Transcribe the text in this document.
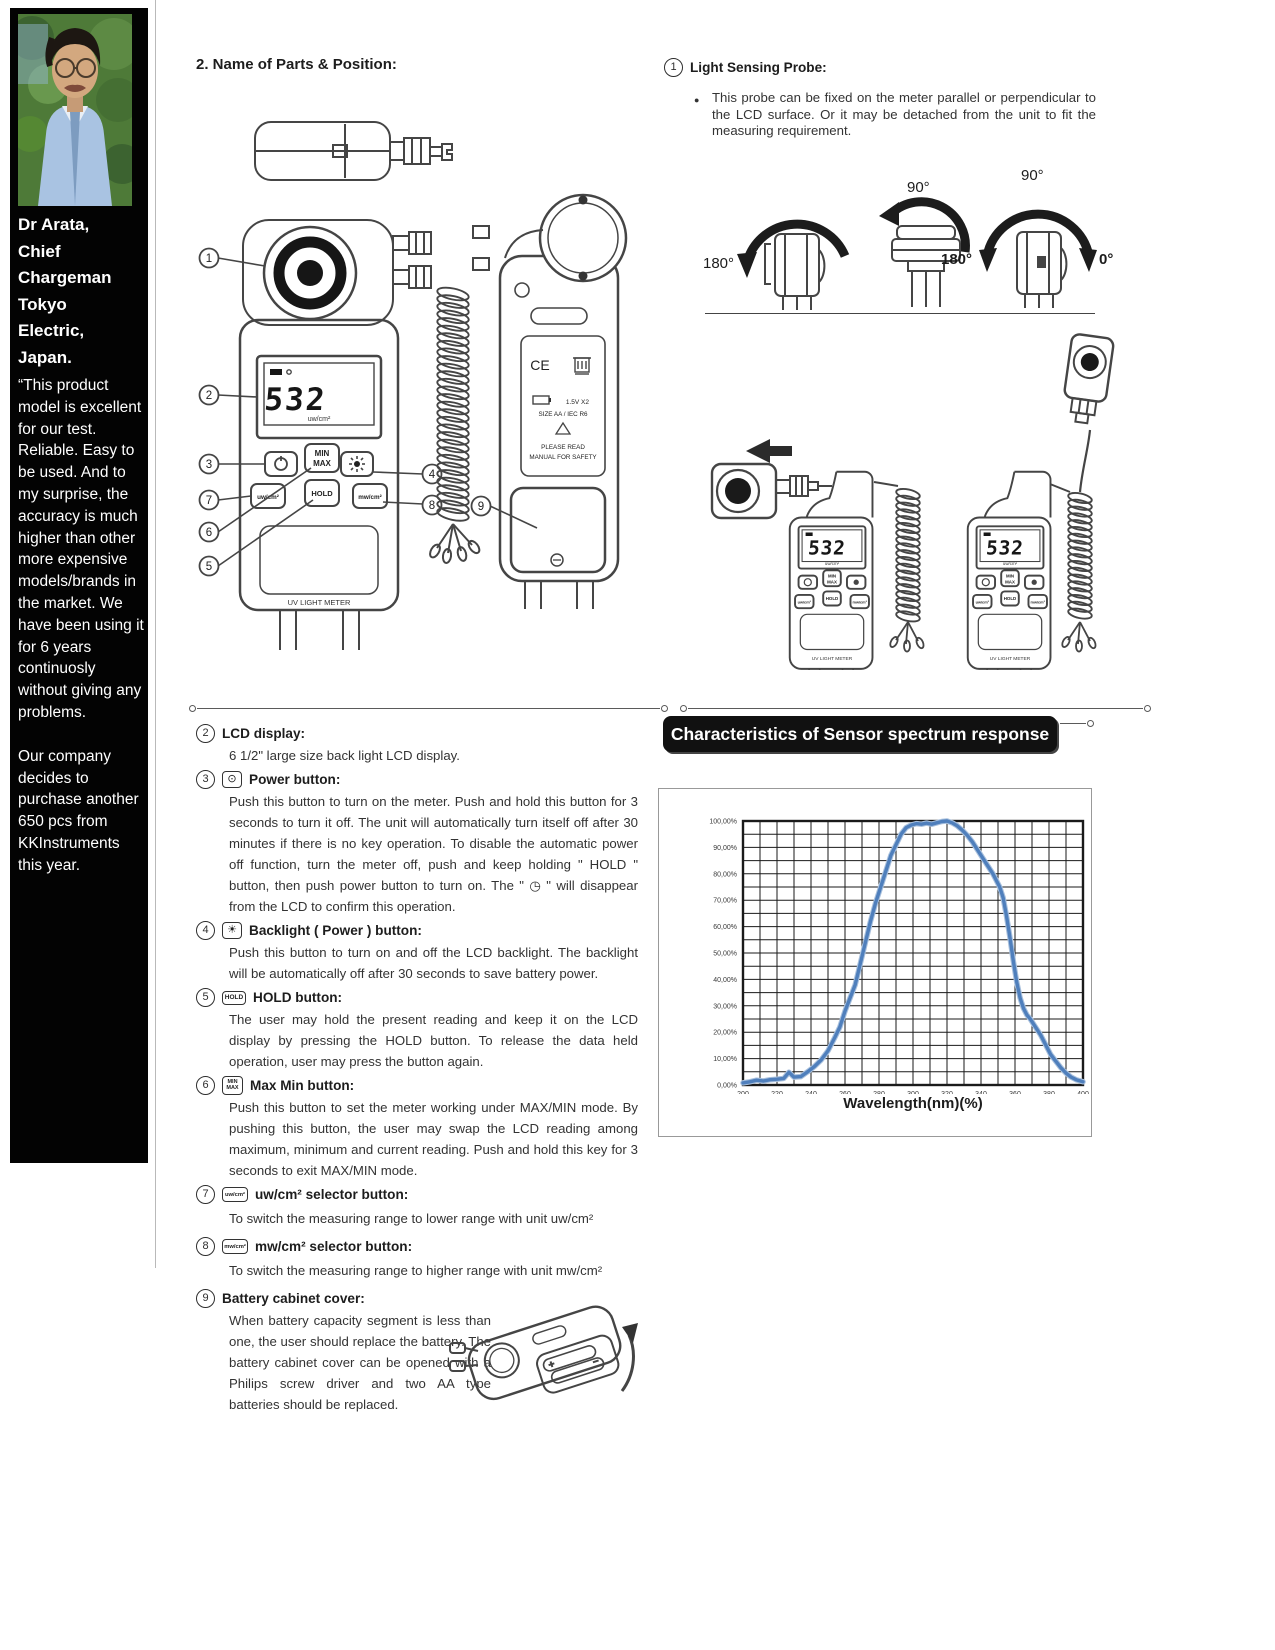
Dr Arata,
Chief
Chargeman
Tokyo
Electric,
Japan.

“This product model is excellent for our test. Reliable. Easy to be used. And to my surprise, the accuracy is much higher than other more expensive models/brands in the market. We have been using it for 6 years continuosly without giving any problems.

Our company decides to purchase another 650 pcs from KKInstruments this year.

2. Name of Parts & Position:
532
uw/cm²
MIN
MAX
uw/cm²	HOLD	mw/cm²
UV LIGHT METER
CE
1.5V X2
SIZE AA / IEC R6
PLEASE READ
MANUAL FOR SAFETY
1
2
3
7
6
5
4
8	9
2 LCD display:
6 1/2" large size back light LCD display.
3	⊙ Power button:
Push this button to turn on the meter. Push and hold this button for 3 seconds to turn it off. The unit will automatically turn itself off after 30 minutes if there is no key operation. To disable the automatic power off function, turn the meter off, push and keep holding " HOLD " button, then push power button to turn on. The " ◷ " will disappear from the LCD to confirm this operation.
4	☀ Backlight ( Power ) button:
Push this button to turn on and off the LCD backlight. The backlight will be automatically off after 30 seconds to save battery power.
5	HOLD HOLD button:
The user may hold the present reading and keep it on the LCD display by pressing the HOLD button. To release the data held operation, user may press the button again.
6	MIN MAX Max Min button:
Push this button to set the meter working under MAX/MIN mode. By pushing this button, the user may swap the LCD reading among maximum, minimum and current reading. Push and hold this key for 3 seconds to exit MAX/MIN mode.
7	uw/cm² uw/cm² selector button:
To switch the measuring range to lower range with unit uw/cm²
8	mw/cm² mw/cm² selector button:
To switch the measuring range to higher range with unit mw/cm²
9 Battery cabinet cover:
When battery capacity segment is less than one, the user should replace the battery. The battery cabinet cover can be opened with a Philips screw driver and two AA type batteries should be replaced.
1 Light Sensing Probe:
●
This probe can be fixed on the meter parallel or perpendicular to the LCD surface. Or it may be detached from the unit to fit the measuring requirement.
180°
90°
90°
180°	0°
532
uw/cm²
MIN
MAX
uw/cm²	mw/cm²
HOLD
UV LIGHT METER
Characteristics of Sensor spectrum response
0,00%
10,00%
20,00%
30,00%
40,00%
50,00%
60,00%
70,00%
80,00%
90,00%
100,00%
Wavelength(nm)(%)
